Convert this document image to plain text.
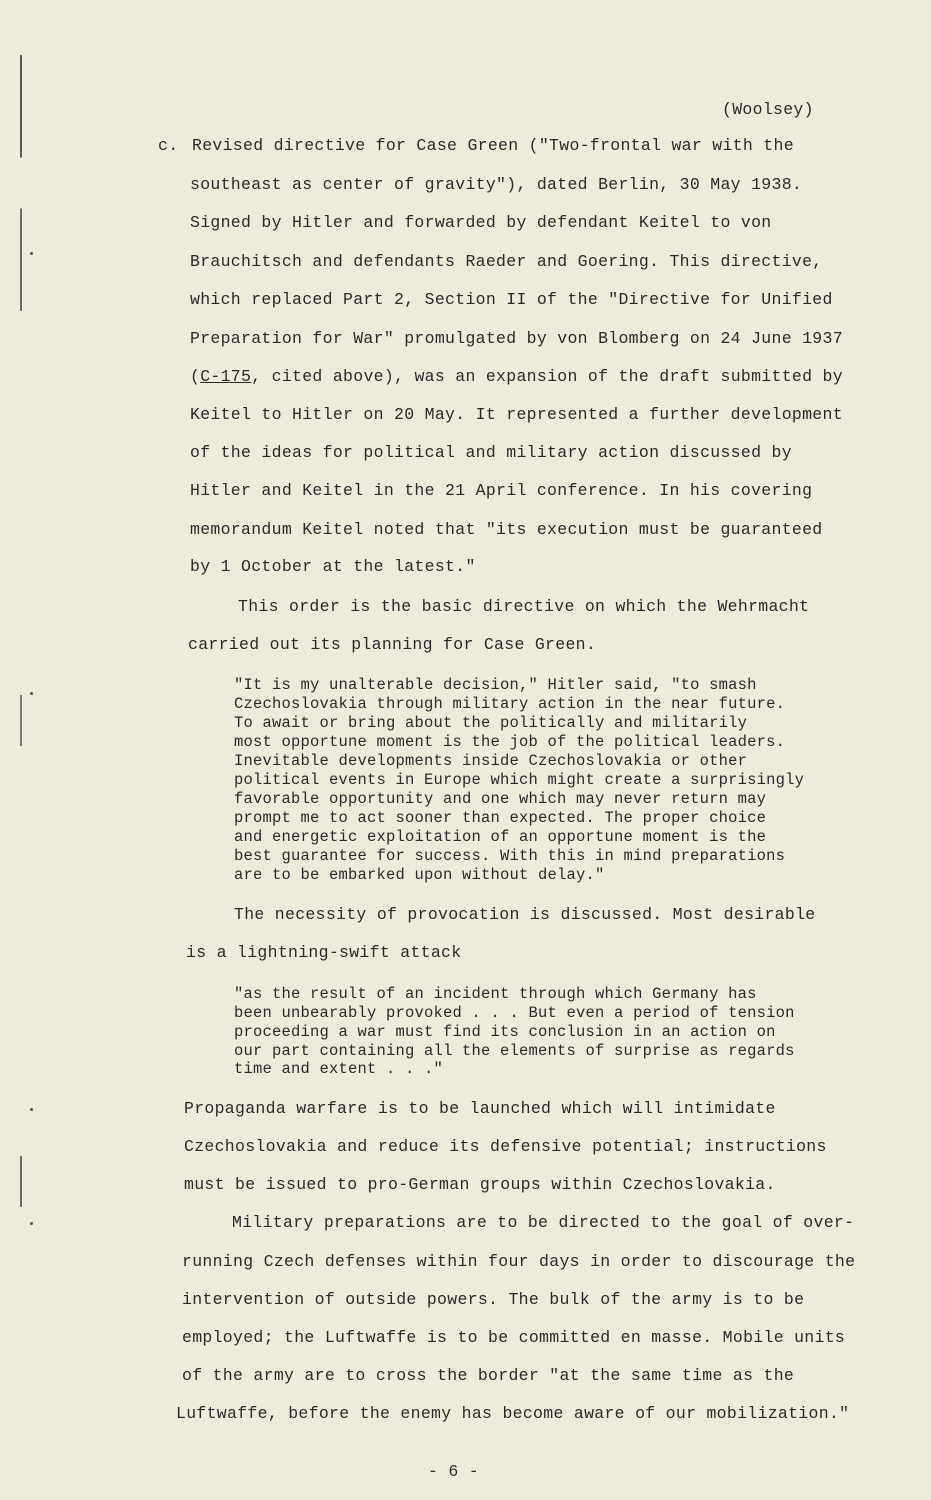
(Woolsey)
c. Revised directive for Case Green ("Two-frontal war with the
southeast as center of gravity"), dated Berlin, 30 May 1938.
Signed by Hitler and forwarded by defendant Keitel to von
Brauchitsch and defendants Raeder and Goering. This directive,
which replaced Part 2, Section II of the "Directive for Unified
Preparation for War" promulgated by von Blomberg on 24 June 1937
(C-175, cited above), was an expansion of the draft submitted by
Keitel to Hitler on 20 May. It represented a further development
of the ideas for political and military action discussed by
Hitler and Keitel in the 21 April conference. In his covering
memorandum Keitel noted that "its execution must be guaranteed
by 1 October at the latest."
This order is the basic directive on which the Wehrmacht
carried out its planning for Case Green.
"It is my unalterable decision," Hitler said, "to smash
Czechoslovakia through military action in the near future.
To await or bring about the politically and militarily
most opportune moment is the job of the political leaders.
Inevitable developments inside Czechoslovakia or other
political events in Europe which might create a surprisingly
favorable opportunity and one which may never return may
prompt me to act sooner than expected. The proper choice
and energetic exploitation of an opportune moment is the
best guarantee for success. With this in mind preparations
are to be embarked upon without delay."
The necessity of provocation is discussed. Most desirable
is a lightning-swift attack
"as the result of an incident through which Germany has
been unbearably provoked . . . But even a period of tension
proceeding a war must find its conclusion in an action on
our part containing all the elements of surprise as regards
time and extent . . ."
Propaganda warfare is to be launched which will intimidate
Czechoslovakia and reduce its defensive potential; instructions
must be issued to pro-German groups within Czechoslovakia.
Military preparations are to be directed to the goal of over-
running Czech defenses within four days in order to discourage the
intervention of outside powers. The bulk of the army is to be
employed; the Luftwaffe is to be committed en masse. Mobile units
of the army are to cross the border "at the same time as the
Luftwaffe, before the enemy has become aware of our mobilization."
- 6 -
